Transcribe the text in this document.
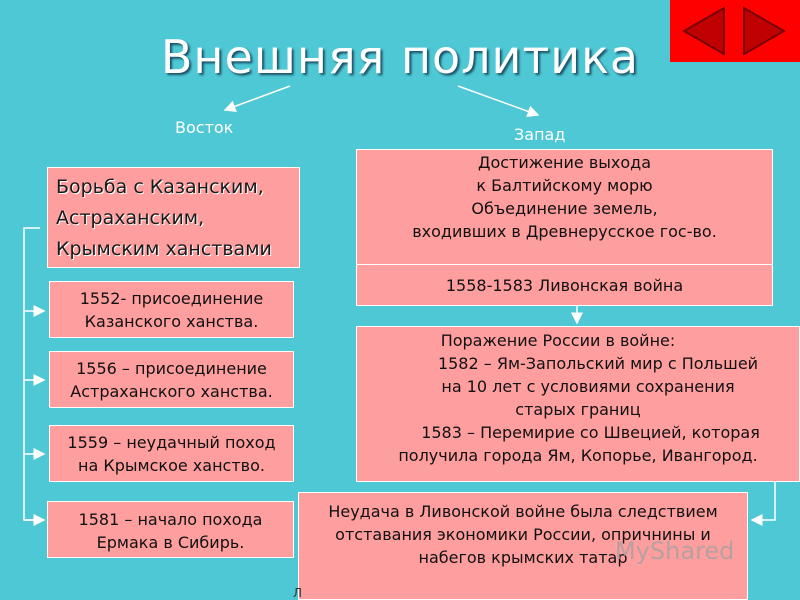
Внешняя политика
Восток	Запад
Борьба с Казанским,
Астраханским,
Крымским ханствами
1552- присоединение
Казанского ханства.
1556 – присоединение
Астраханского ханства.
1559 – неудачный поход
на Крымское ханство.
1581 – начало похода
Ермака в Сибирь.
Достижение выхода
к Балтийскому морю
Объединение земель,
входивших в Древнерусское гос-во.
1558-1583 Ливонская война
Поражение России в войне:
1582 – Ям-Запольский мир с Польшей
на 10 лет с условиями сохранения
старых границ
1583 – Перемирие со Швецией, которая
получила города Ям, Копорье, Ивангород.
Неудача в Ливонской войне была следствием
отставания экономики России, опричнины и
набегов крымских татар
Л
MyShared
